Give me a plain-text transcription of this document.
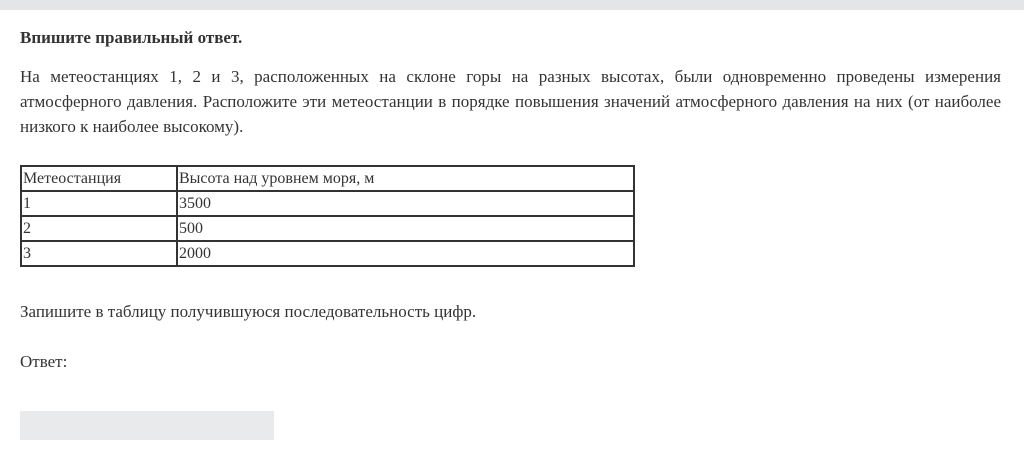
Впишите правильный ответ.

На метеостанциях 1, 2 и 3, расположенных на склоне горы на разных высотах, были одновременно проведены измерения атмосферного давления. Расположите эти метеостанции в порядке повышения значений атмосферного давления на них (от наиболее низкого к наиболее высокому).

Метеостанция	Высота над уровнем моря, м
1	3500
2	500
3	2000

Запишите в таблицу получившуюся последовательность цифр.

Ответ:
